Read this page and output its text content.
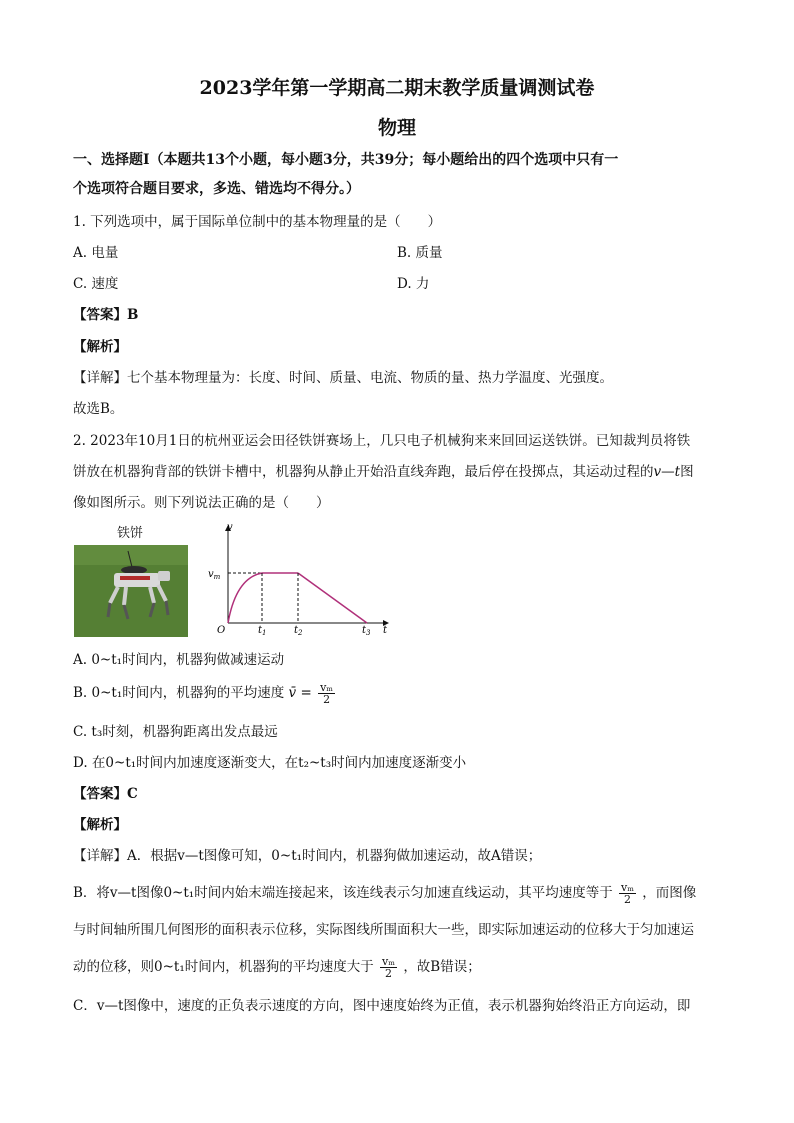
2023学年第一学期高二期末教学质量调测试卷
物理
一、选择题Ⅰ（本题共13个小题，每小题3分，共39分；每小题给出的四个选项中只有一
个选项符合题目要求，多选、错选均不得分。）
1. 下列选项中，属于国际单位制中的基本物理量的是（　　）
A. 电量	B. 质量
C. 速度	D. 力
【答案】B
【解析】
【详解】七个基本物理量为：长度、时间、质量、电流、物质的量、热力学温度、光强度。
故选B。
2. 2023年10月1日的杭州亚运会田径铁饼赛场上，几只电子机械狗来来回回运送铁饼。已知裁判员将铁
饼放在机器狗背部的铁饼卡槽中，机器狗从静止开始沿直线奔跑，最后停在投掷点，其运动过程的v—t图
像如图所示。则下列说法正确的是（　　）
铁饼	v
t
O
$v_m$
$t_1$	$t_2$	$t_3$
A. 0~t₁时间内，机器狗做减速运动
B. 0~t₁时间内，机器狗的平均速度 v̄ = $\frac{\text{vₘ}}{2}$
C. t₃时刻，机器狗距离出发点最远
D. 在0~t₁时间内加速度逐渐变大，在t₂~t₃时间内加速度逐渐变小
【答案】C
【解析】
【详解】A．根据v—t图像可知，0~t₁时间内，机器狗做加速运动，故A错误；
B．将v—t图像0~t₁时间内始末端连接起来，该连线表示匀加速直线运动，其平均速度等于 $\frac{\text{vₘ}}{2}$ ，而图像
与时间轴所围几何图形的面积表示位移，实际图线所围面积大一些，即实际加速运动的位移大于匀加速运
动的位移，则0~t₁时间内，机器狗的平均速度大于 $\frac{\text{vₘ}}{2}$ ，故B错误；
C．v—t图像中，速度的正负表示速度的方向，图中速度始终为正值，表示机器狗始终沿正方向运动，即
